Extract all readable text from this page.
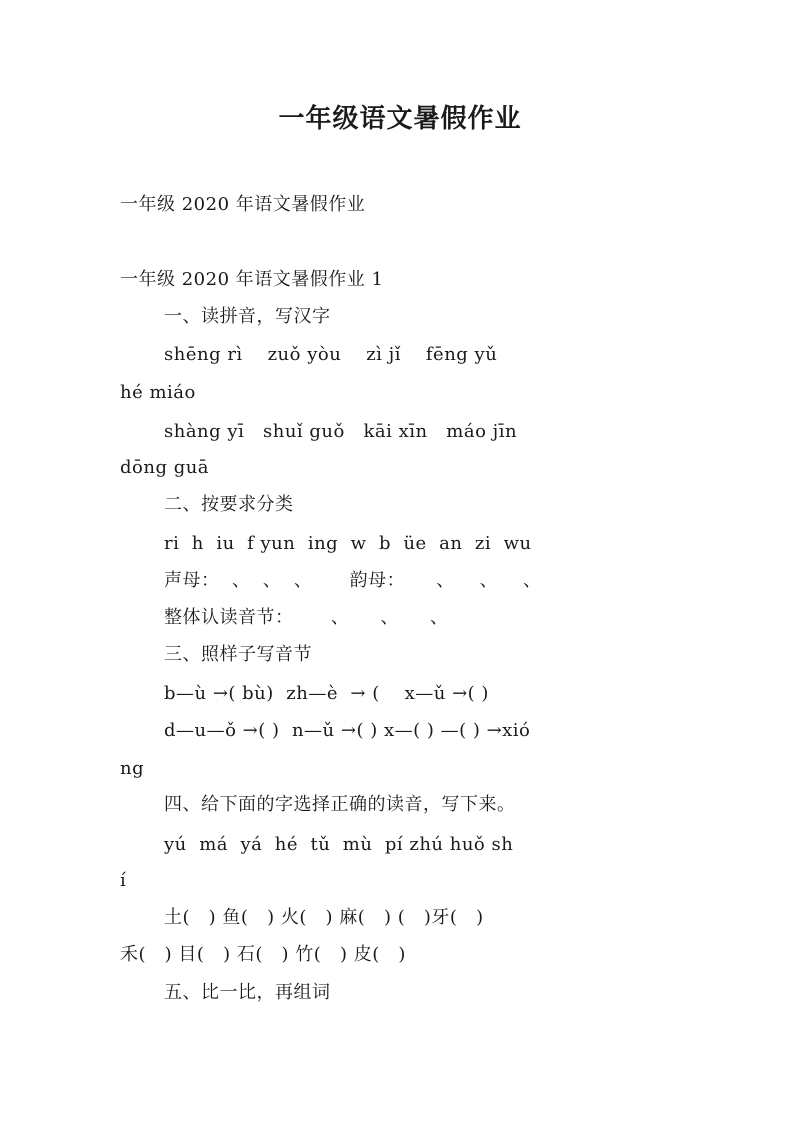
一年级语文暑假作业
一年级 2020 年语文暑假作业
一年级 2020 年语文暑假作业 1
一、读拼音，写汉字
shēng rì    zuǒ yòu    zì jǐ    fēng yǔ
hé miáo
shàng yī   shuǐ guǒ   kāi xīn   máo jīn
dōng guā
二、按要求分类
ri  h  iu  f yun  ing  w  b  üe  an  zi  wu
声母：  、  、  、      韵母：     、    、    、
整体认读音节：      、     、     、
三、照样子写音节
b—ù →( bù)  zh—è  → (    x—ǔ →( )
d—u—ǒ →( )  n—ǔ →( ) x—( ) —( ) →xió
ng
四、给下面的字选择正确的读音，写下来。
yú  má  yá  hé  tǔ  mù  pí zhú huǒ sh
í
土(   ) 鱼(   ) 火(   ) 麻(   ) (   )牙(   )
禾(   ) 目(   ) 石(   ) 竹(   ) 皮(   )
五、比一比，再组词
